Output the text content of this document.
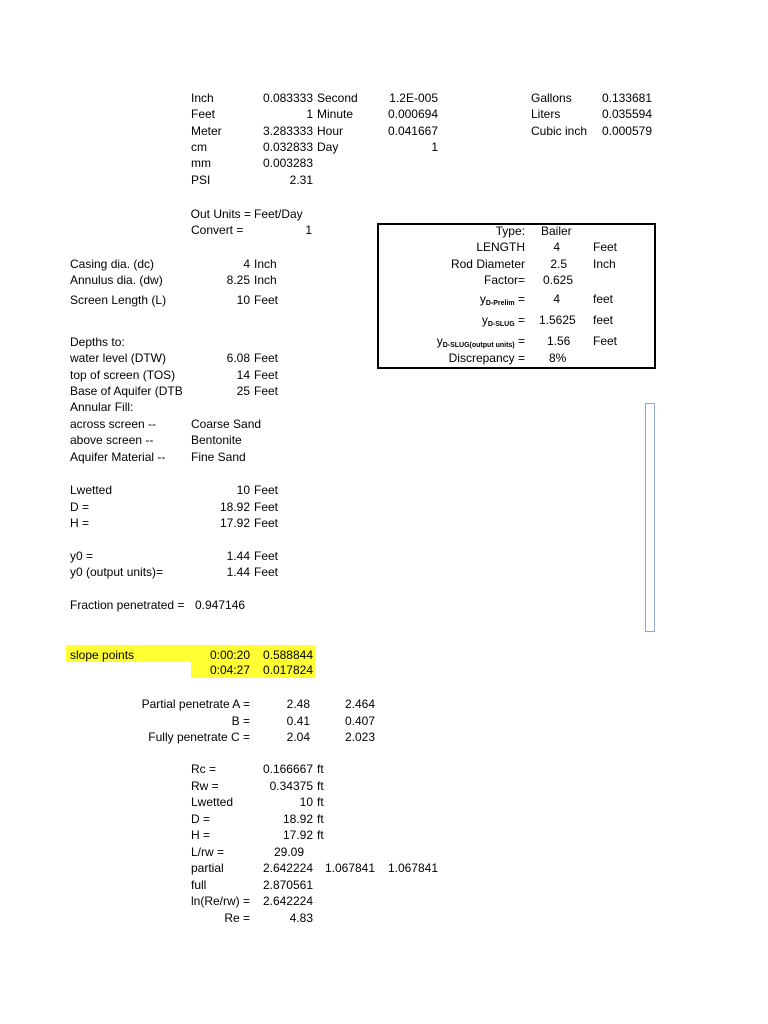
Inch	0.083333
Feet	1
Meter	3.283333
cm	0.032833
mm	0.003283
PSI	2.31
Second	1.2E-005
Minute	0.000694
Hour	0.041667
Day	1
Gallons	0.133681
Liters	0.035594
Cubic inch	0.000579
Out Units = Feet/Day
Convert =	1
Casing dia. (dc)	4 Inch
Annulus dia. (dw)	8.25 Inch
Screen Length (L)	10 Feet
Depths to:
water level (DTW)	6.08 Feet
top of screen (TOS)	14 Feet
Base of Aquifer (DTB	25 Feet
Annular Fill:
across screen --	Coarse Sand
above screen --	Bentonite
Aquifer Material -- Fine Sand
Lwetted	10 Feet
D =	18.92 Feet
H =	17.92 Feet
y0 =	1.44 Feet
y0 (output units)=	1.44 Feet
Fraction penetrated = 0.947146
slope points	0:00:20	0.588844
0:04:27	0.017824
Partial penetrate A =	2.48	2.464
B =	0.41	0.407
Fully penetrate C =	2.04	2.023
Rc =	0.166667 ft
Rw =	0.34375 ft
Lwetted	10 ft
D =	18.92 ft
H =	17.92 ft
L/rw =	29.09
partial	2.642224 1.067841	1.067841
full	2.870561
ln(Re/rw) =	2.642224
Re =	4.83
Type: Bailer
LENGTH	4	Feet
Rod Diameter	2.5 Inch
Factor= 0.625
$y_{D-Prelim}$ =	4	feet
$y_{D-SLUG} = 1.5625$ feet
$y_{D-SLUG(output units)} = 1.56$ Feet
Discrepancy = 8%
